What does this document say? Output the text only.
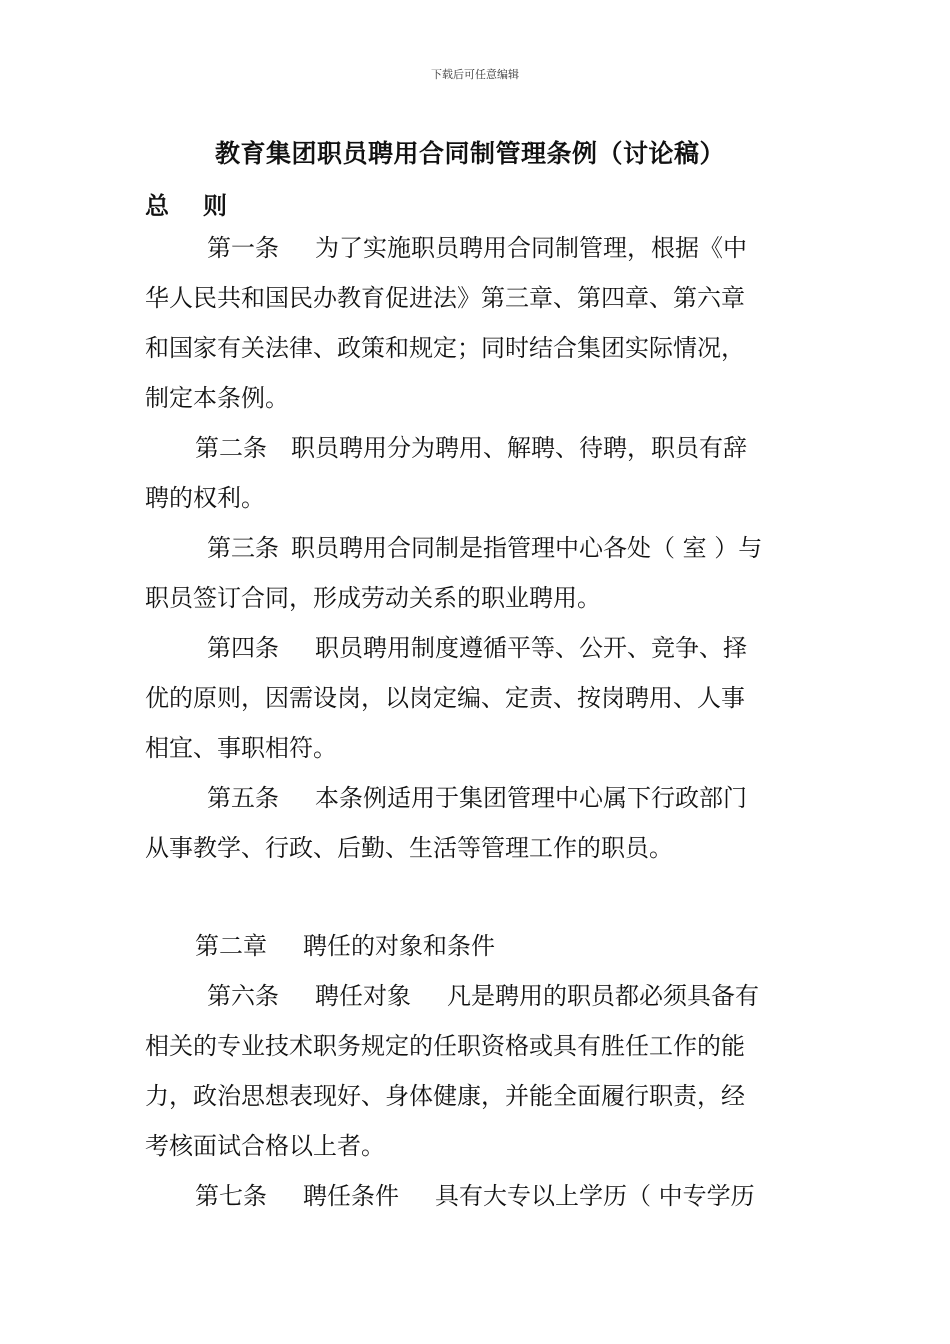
下载后可任意编辑
教育集团职员聘用合同制管理条例（讨论稿）
总 则
第一条 为了实施职员聘用合同制管理，根据《中
华人民共和国民办教育促进法》第三章、第四章、第六章
和国家有关法律、政策和规定；同时结合集团实际情况，
制定本条例。
第二条 职员聘用分为聘用、解聘、待聘，职员有辞
聘的权利。
第三条 职员聘用合同制是指管理中心各处（ 室 ）与
职员签订合同，形成劳动关系的职业聘用。
第四条 职员聘用制度遵循平等、公开、竞争、择
优的原则，因需设岗，以岗定编、定责、按岗聘用、人事
相宜、事职相符。
第五条 本条例适用于集团管理中心属下行政部门
从事教学、行政、后勤、生活等管理工作的职员。
第二章 聘任的对象和条件
第六条 聘任对象 凡是聘用的职员都必须具备有
相关的专业技术职务规定的任职资格或具有胜任工作的能
力，政治思想表现好、身体健康，并能全面履行职责，经
考核面试合格以上者。
第七条 聘任条件 具有大专以上学历（ 中专学历
